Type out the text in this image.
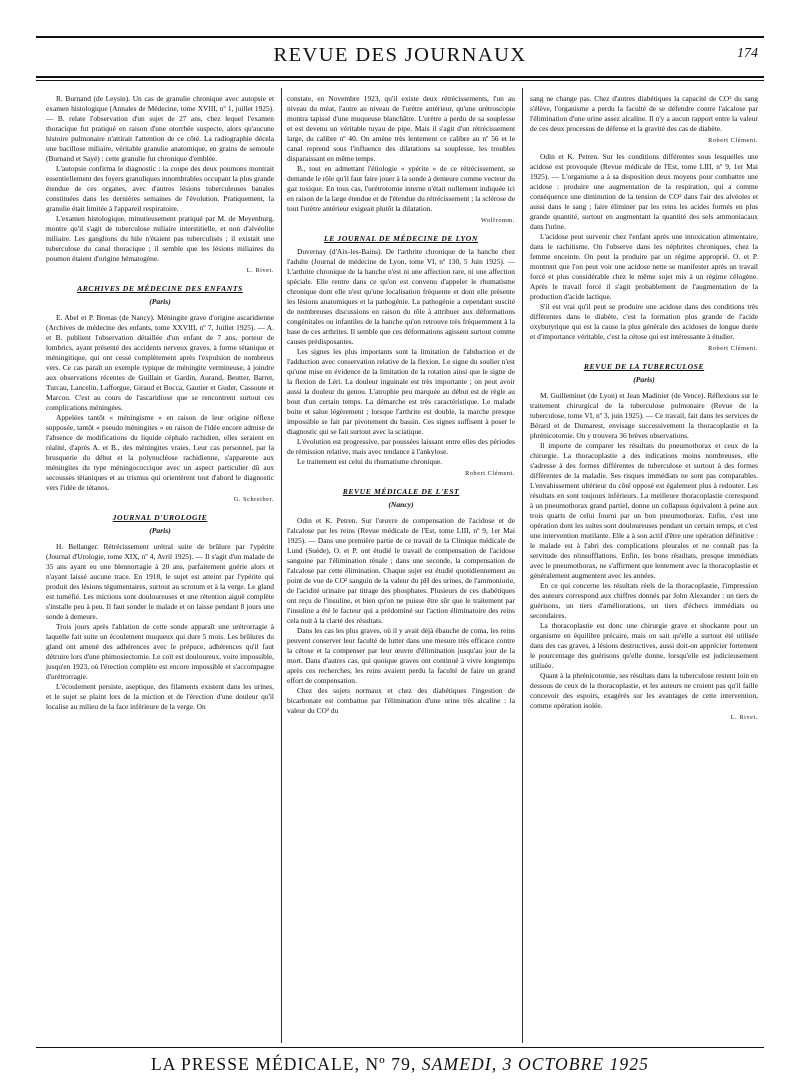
REVUE DES JOURNAUX	174

R. Burnand (de Leysin). Un cas de granulie chronique avec autopsie et examen histologique (Annales de Médecine, tome XVIII, nº 1, juillet 1925). — B. relate l'observation d'un sujet de 27 ans, chez lequel l'examen thoracique fut pratiqué en raison d'une otorrhée suspecte, alors qu'aucune histoire pulmonaire n'attirait l'attention de ce côté. La radiographie décela une bacillose miliaire, véritable granulie anatomique, en grains de semoule (Burnand et Sayé) : cette granulie fut chronique d'emblée.

L'autopsie confirma le diagnostic : la coupe des deux poumons montrait essentiellement des foyers granuliques innombrables occupant la plus grande étendue de ces organes, avec d'autres lésions tuberculeuses banales constituées dans les dernières semaines de l'évolution. Pratiquement, la granulie était limitée à l'appareil respiratoire.

L'examen histologique, minutieusement pratiqué par M. de Meyenburg, montre qu'il s'agit de tuberculose miliaire interstitielle, et non d'alvéolite miliaire. Les ganglions du hile n'étaient pas tuberculisés ; il existait une tuberculose du canal thoracique ; il semble que les lésions miliaires du poumon étaient d'origine hématogène.

L. Rivet.
ARCHIVES DE MÉDECINE DES ENFANTS
(Paris)

E. Abel et P. Brenas (de Nancy). Méningite grave d'origine ascaridienne (Archives de médecine des enfants, tome XXVIII, nº 7, Juillet 1925). — A. et B. publient l'observation détaillée d'un enfant de 7 ans, porteur de lombrics, ayant présenté des accidents nerveux graves, à forme tétanique et méningitique, qui ont cessé complètement après l'expulsion de nombreux vers. Ce cas paraît un exemple typique de méningite vermineuse, à joindre aux observations récentes de Guillain et Gardin, Aurand, Beutter, Barret, Turcau, Lancelin, Lafforgue, Giraud et Bocca, Gautier et Guder, Cassoute et Marcou. C'est au cours de l'ascaridiose que se rencontrent surtout ces complications méningées.

Appelées tantôt « méningisme » en raison de leur origine réflexe supposée, tantôt « pseudo méningites » en raison de l'idée encore admise de l'absence de modifications du liquide céphalo rachidien, elles seraient en réalité, d'après A. et B., des méningites vraies. Leur cas personnel, par la brusquerie du début et la polynucléose rachidienne, s'apparente aux méningites du type méningococcique avec un aspect particulier dû aux secousses tétaniques et au trismus qui orientèrent tout d'abord le diagnostic vers l'idée de tétanos.

G. Schreiber.
JOURNAL D'UROLOGIE
(Paris)

H. Bellanger. Rétrécissement urétral suite de brûlure par l'ypérite (Journal d'Urologie, tome XIX, nº 4, Avril 1925). — Il s'agit d'un malade de 35 ans ayant eu une blennorragie à 20 ans, parfaitement guérie alors et n'ayant laissé aucune trace. En 1918, le sujet est atteint par l'ypérite qui produit des lésions tégumentaires, surtout au scrotum et à la verge. Le gland est tuméfié. Les mictions sont douloureuses et une rétention aiguë complète s'installe peu à peu. Il faut sonder le malade et on laisse pendant 8 jours une sonde à demeure.

Trois jours après l'ablation de cette sonde apparaît une urétrorragie à laquelle fait suite un écoulement muqueux qui dure 5 mois. Les brûlures du gland ont amené des adhérences avec le prépuce, adhérences qu'il faut détruire lors d'une phimosiectomie. Le coït est douloureux, voire impossible, jusqu'en 1923, où l'érection complète est encore impossible et s'accompagne d'urétrorragie.

L'écoulement persiste, aseptique, des filaments existent dans les urines, et le sujet se plaint lors de la miction et de l'érection d'une douleur qu'il localise au milieu de la face inférieure de la verge. On

constate, en Novembre 1923, qu'il existe deux rétrécissements, l'un au niveau du méat, l'autre au niveau de l'urètre antérieur, qu'une urétroscopie montra tapissé d'une muqueuse blanchâtre. L'urètre a perdu de sa souplesse et est devenu un véritable tuyau de pipe. Mais il s'agit d'un rétrécissement large, du calibre nº 40. On amène très lentement ce calibre au nº 56 et le canal reprend sous l'influence des dilatations sa souplesse, les troubles disparaissant en même temps.

B., tout en admettant l'étiologie « ypérite » de ce rétrécissement, se demande le rôle qu'il faut faire jouer à la sonde à demeure comme vecteur du gaz toxique. En tous cas, l'urétrotomie interne n'était nullement indiquée ici en raison de la large étendue et de l'étendue du rétrécissement ; la sclérose de tout l'urètre antérieur exigeait plutôt la dilatation.

Wolfromm.
LE JOURNAL DE MÉDECINE DE LYON

Duvernay (d'Aix-les-Bains). De l'arthrite chronique de la hanche chez l'adulte (Journal de médecine de Lyon, tome VI, nº 130, 5 Juin 1925). — L'arthrite chronique de la hanche n'est ni une affection rare, ni une affection spéciale. Elle rentre dans ce qu'on est convenu d'appeler le rhumatisme chronique dont elle n'est qu'une localisation fréquente et dont elle présente les lésions anatomiques et la pathogénie. La pathogénie a cependant suscité de nombreuses discussions en raison du rôle à attribuer aux déformations congénitales ou infantiles de la hanche qu'on retrouve très fréquemment à la base de ces arthrites. Il semble que ces déformations agissent surtout comme causes prédisposantes.

Les signes les plus importants sont la limitation de l'abduction et de l'adduction avec conservation relative de la flexion. Le signe du soulier n'est qu'une mise en évidence de la limitation de la rotation ainsi que le signe de la flexion de Léri. La douleur inguinale est très importante ; on peut avoir aussi la douleur du genou. L'atrophie peu marquée au début est de règle au bout d'un certain temps. La démarche est très caractéristique. Le malade boite et salue légèrement ; lorsque l'arthrite est double, la marche presque impossible se fait par pivotement du bassin. Ces signes suffisent à poser le diagnostic qui se fait surtout avec la sciatique.

L'évolution est progressive, par poussées laissant entre elles des périodes de rémission relative, mais avec tendance à l'ankylose.

Le traitement est celui du rhumatisme chronique.

Robert Clément.
REVUE MÉDICALE DE L'EST
(Nancy)

Odin et K. Petren. Sur l'œuvre de compensation de l'acidose et de l'alcalose par les reins (Revue médicale de l'Est, tome LIII, nº 9, 1er Mai 1925). — Dans une première partie de ce travail de la Clinique médicale de Lund (Suède), O. et P. ont étudié le travail de compensation de l'acidose sanguine par l'élimination rénale ; dans une seconde, la compensation de l'alcalose par cette élimination. Chaque sujet est étudié quotidiennement au point de vue de CO² sanguin de la valeur du pH des urines, de l'ammoniurie, de l'acidité urinaire par titrage des phosphates. Plusieurs de ces diabétiques ont reçu de l'insuline, et bien qu'on ne puisse être sûr que le traitement par l'insuline a été le facteur qui a prédominé sur l'action éliminatoire des reins cela nuit à la clarté des résultats.

Dans les cas les plus graves, où il y avait déjà ébauche de coma, les reins peuvent conserver leur faculté de lutter dans une mesure très efficace contre la cétose et la compenser par leur œuvre d'élimination jusqu'au jour de la mort. Dans d'autres cas, qui quoique graves ont continué à vivre longtemps après ces recherches, les reins avaient perdu la faculté de faire un grand effort de compensation.

Chez des sujets normaux et chez des diabétiques l'ingestion de bicarbonate est combattue par l'élimination d'une urine très alcaline : la valeur du CO² du

sang ne change pas. Chez d'autres diabétiques la capacité de CO² du sang s'élève, l'organisme a perdu la faculté de se défendre contre l'alcalose par l'élimination d'une urine assez alcaline. Il n'y a aucun rapport entre la valeur de ces deux processus de défense et la gravité des cas de diabète.

Robert Clément.

Odin et K. Petren. Sur les conditions différentes sous lesquelles une acidose est provoquée (Revue médicale de l'Est, tome LIII, nº 9, 1er Mai 1925). — L'organisme a à sa disposition deux moyens pour combattre une acidose : produire une augmentation de la respiration, qui a comme conséquence une diminution de la tension de CO² dans l'air des alvéoles et aussi dans le sang ; faire éliminer par les reins les acides formés en plus grande quantité, surtout en augmentant la quantité des sels ammoniacaux dans l'urine.

L'acidose peut survenir chez l'enfant après une intoxication alimentaire, dans le rachitisme. On l'observe dans les néphrites chroniques, chez la femme enceinte. On peut la produire par un régime approprié. O. et P. montrent que l'on peut voir une acidose nette se manifester après un travail forcé et plus considérable chez le même sujet mis à un régime célogène. Après le travail forcé il s'agit probablement de l'augmentation de la production d'acide lactique.

S'il est vrai qu'il peut se produire une acidose dans des conditions très différentes dans le diabète, c'est la formation plus grande de l'acide oxybutyrique qui est la cause la plus générale des acidoses de longue durée et d'importance véritable, c'est la cétose qui est intéressante à étudier.

Robert Clément.
REVUE DE LA TUBERCULOSE
(Paris)

M. Guilleminet (de Lyon) et Jean Madinier (de Vence). Réflexions sur le traitement chirurgical de la tuberculose pulmonaire (Revue de la tuberculose, tome VI, nº 3, juin 1925). — Ce travail, fait dans les services de Bérard et de Dumarest, envisage successivement la thoracoplastie et la phrénicotomie. On y trouvera 36 brèves observations.

Il importe de comparer les résultats du pneumothorax et ceux de la chirurgie. La thoracoplastie a des indications moins nombreuses, elle s'adresse à des formes différentes de tuberculose et surtout à des formes différentes de la maladie. Ses risques immédiats ne sont pas comparables. L'envahissement ultérieur du côté opposé est également plus à redouter. Les résultats en sont toujours inférieurs. La meilleure thoracoplastie correspond à un pneumothorax grand partiel, donne un collapsus équivalent à peine aux trois quarts de celui fourni par un bon pneumothorax. Enfin, c'est une opération dont les suites sont douloureuses pendant un certain temps, et c'est une intervention mutilante. Elle a à son actif d'être une opération définitive : le malade est à l'abri des complications pleurales et ne connaît pas la servitude des réinsufflations. Enfin, les bons résultats, presque immédiats avec le pneumothorax, ne s'affirment que lentement avec la thoracoplastie et généralement augmentent avec les années.

En ce qui concerne les résultats réels de la thoracoplastie, l'impression des auteurs correspond aux chiffres donnés par John Alexander : un tiers de guérisons, un tiers d'améliorations, un tiers d'échecs immédiats ou secondaires.

La thoracoplastie est donc une chirurgie grave et shockante pour un organisme en équilibre précaire, mais on sait qu'elle a surtout été utilisée dans des cas graves, à lésions destructives, aussi doit-on apprécier fortement le pourcentage des guérisons qu'elle donne, lorsqu'elle est judicieusement utilisée.

Quant à la phrénicotomie, ses résultats dans la tuberculose restent loin en dessous de ceux de la thoracoplastie, et les auteurs ne croient pas qu'il faille concevoir des espoirs, exagérés sur les avantages de cette intervention, comme opération isolée.

L. Rivet.
LA PRESSE MÉDICALE, Nº 79, SAMEDI, 3 OCTOBRE 1925
